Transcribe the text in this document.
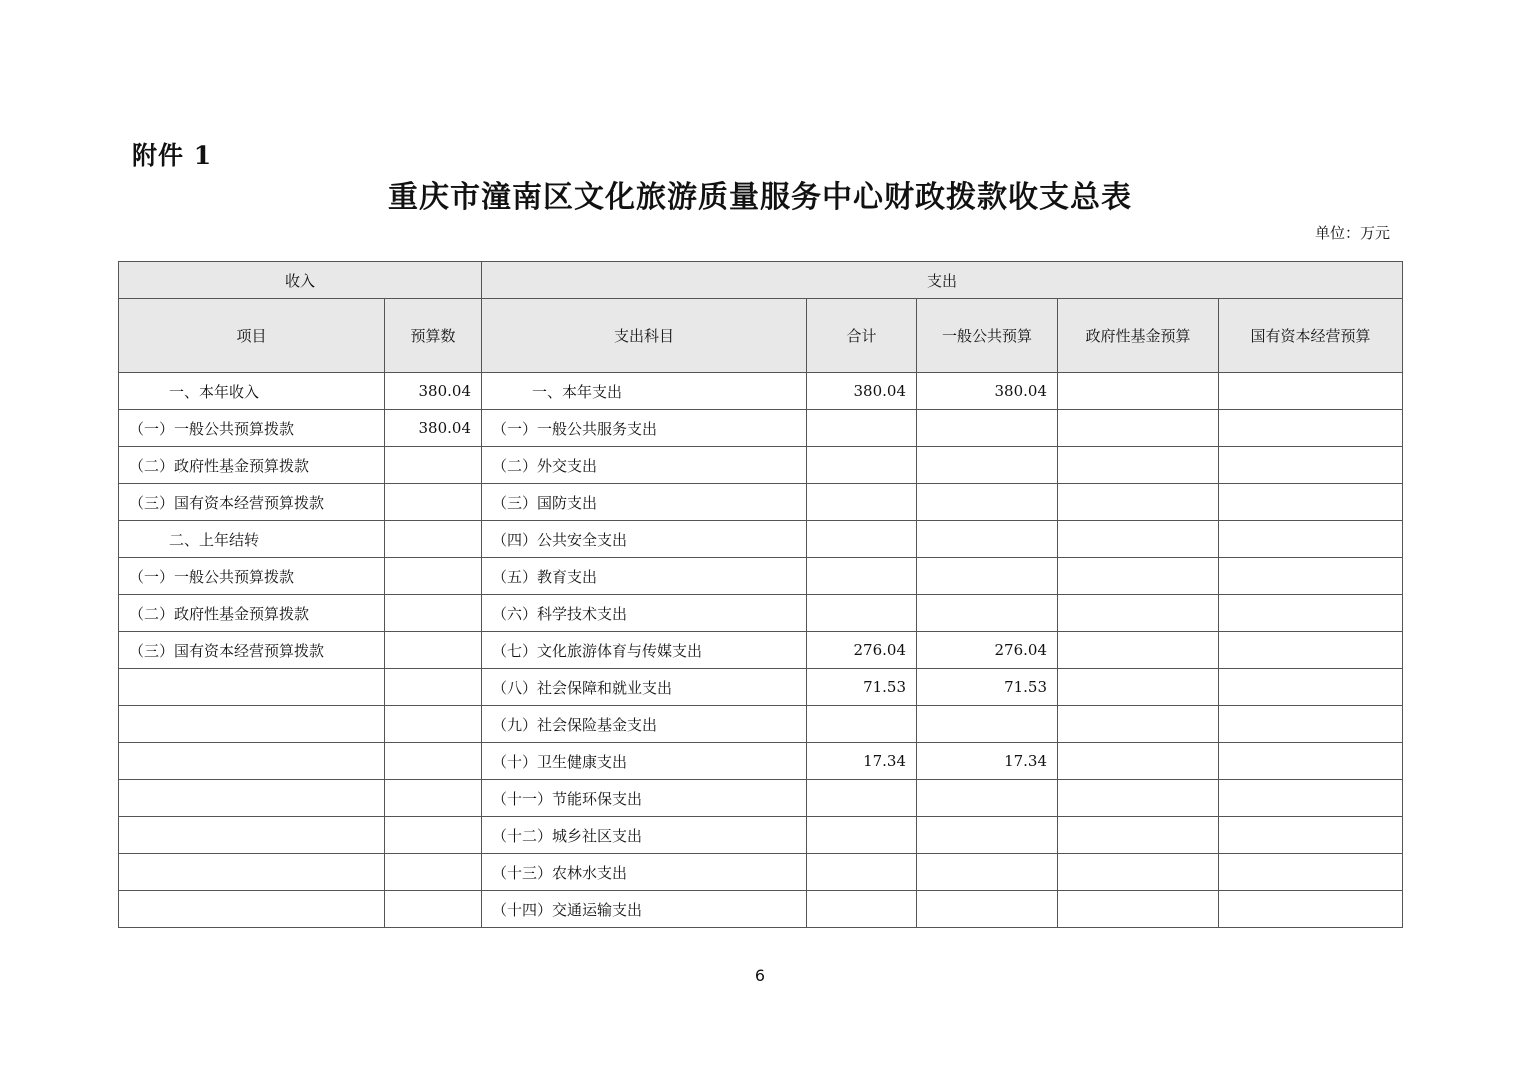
附件 1
重庆市潼南区文化旅游质量服务中心财政拨款收支总表
单位：万元
收入		支出				
项目	预算数	支出科目	合计	一般公共预算	政府性基金预算	国有资本经营预算
一、本年收入	380.04	一、本年支出	380.04	380.04		
（一）一般公共预算拨款	380.04	（一）一般公共服务支出				
（二）政府性基金预算拨款		（二）外交支出				
（三）国有资本经营预算拨款		（三）国防支出				
二、上年结转		（四）公共安全支出				
（一）一般公共预算拨款		（五）教育支出				
（二）政府性基金预算拨款		（六）科学技术支出				
（三）国有资本经营预算拨款		（七）文化旅游体育与传媒支出	276.04	276.04		
		（八）社会保障和就业支出	71.53	71.53		
		（九）社会保险基金支出				
		（十）卫生健康支出	17.34	17.34		
		（十一）节能环保支出				
		（十二）城乡社区支出				
		（十三）农林水支出				
		（十四）交通运输支出				
6
